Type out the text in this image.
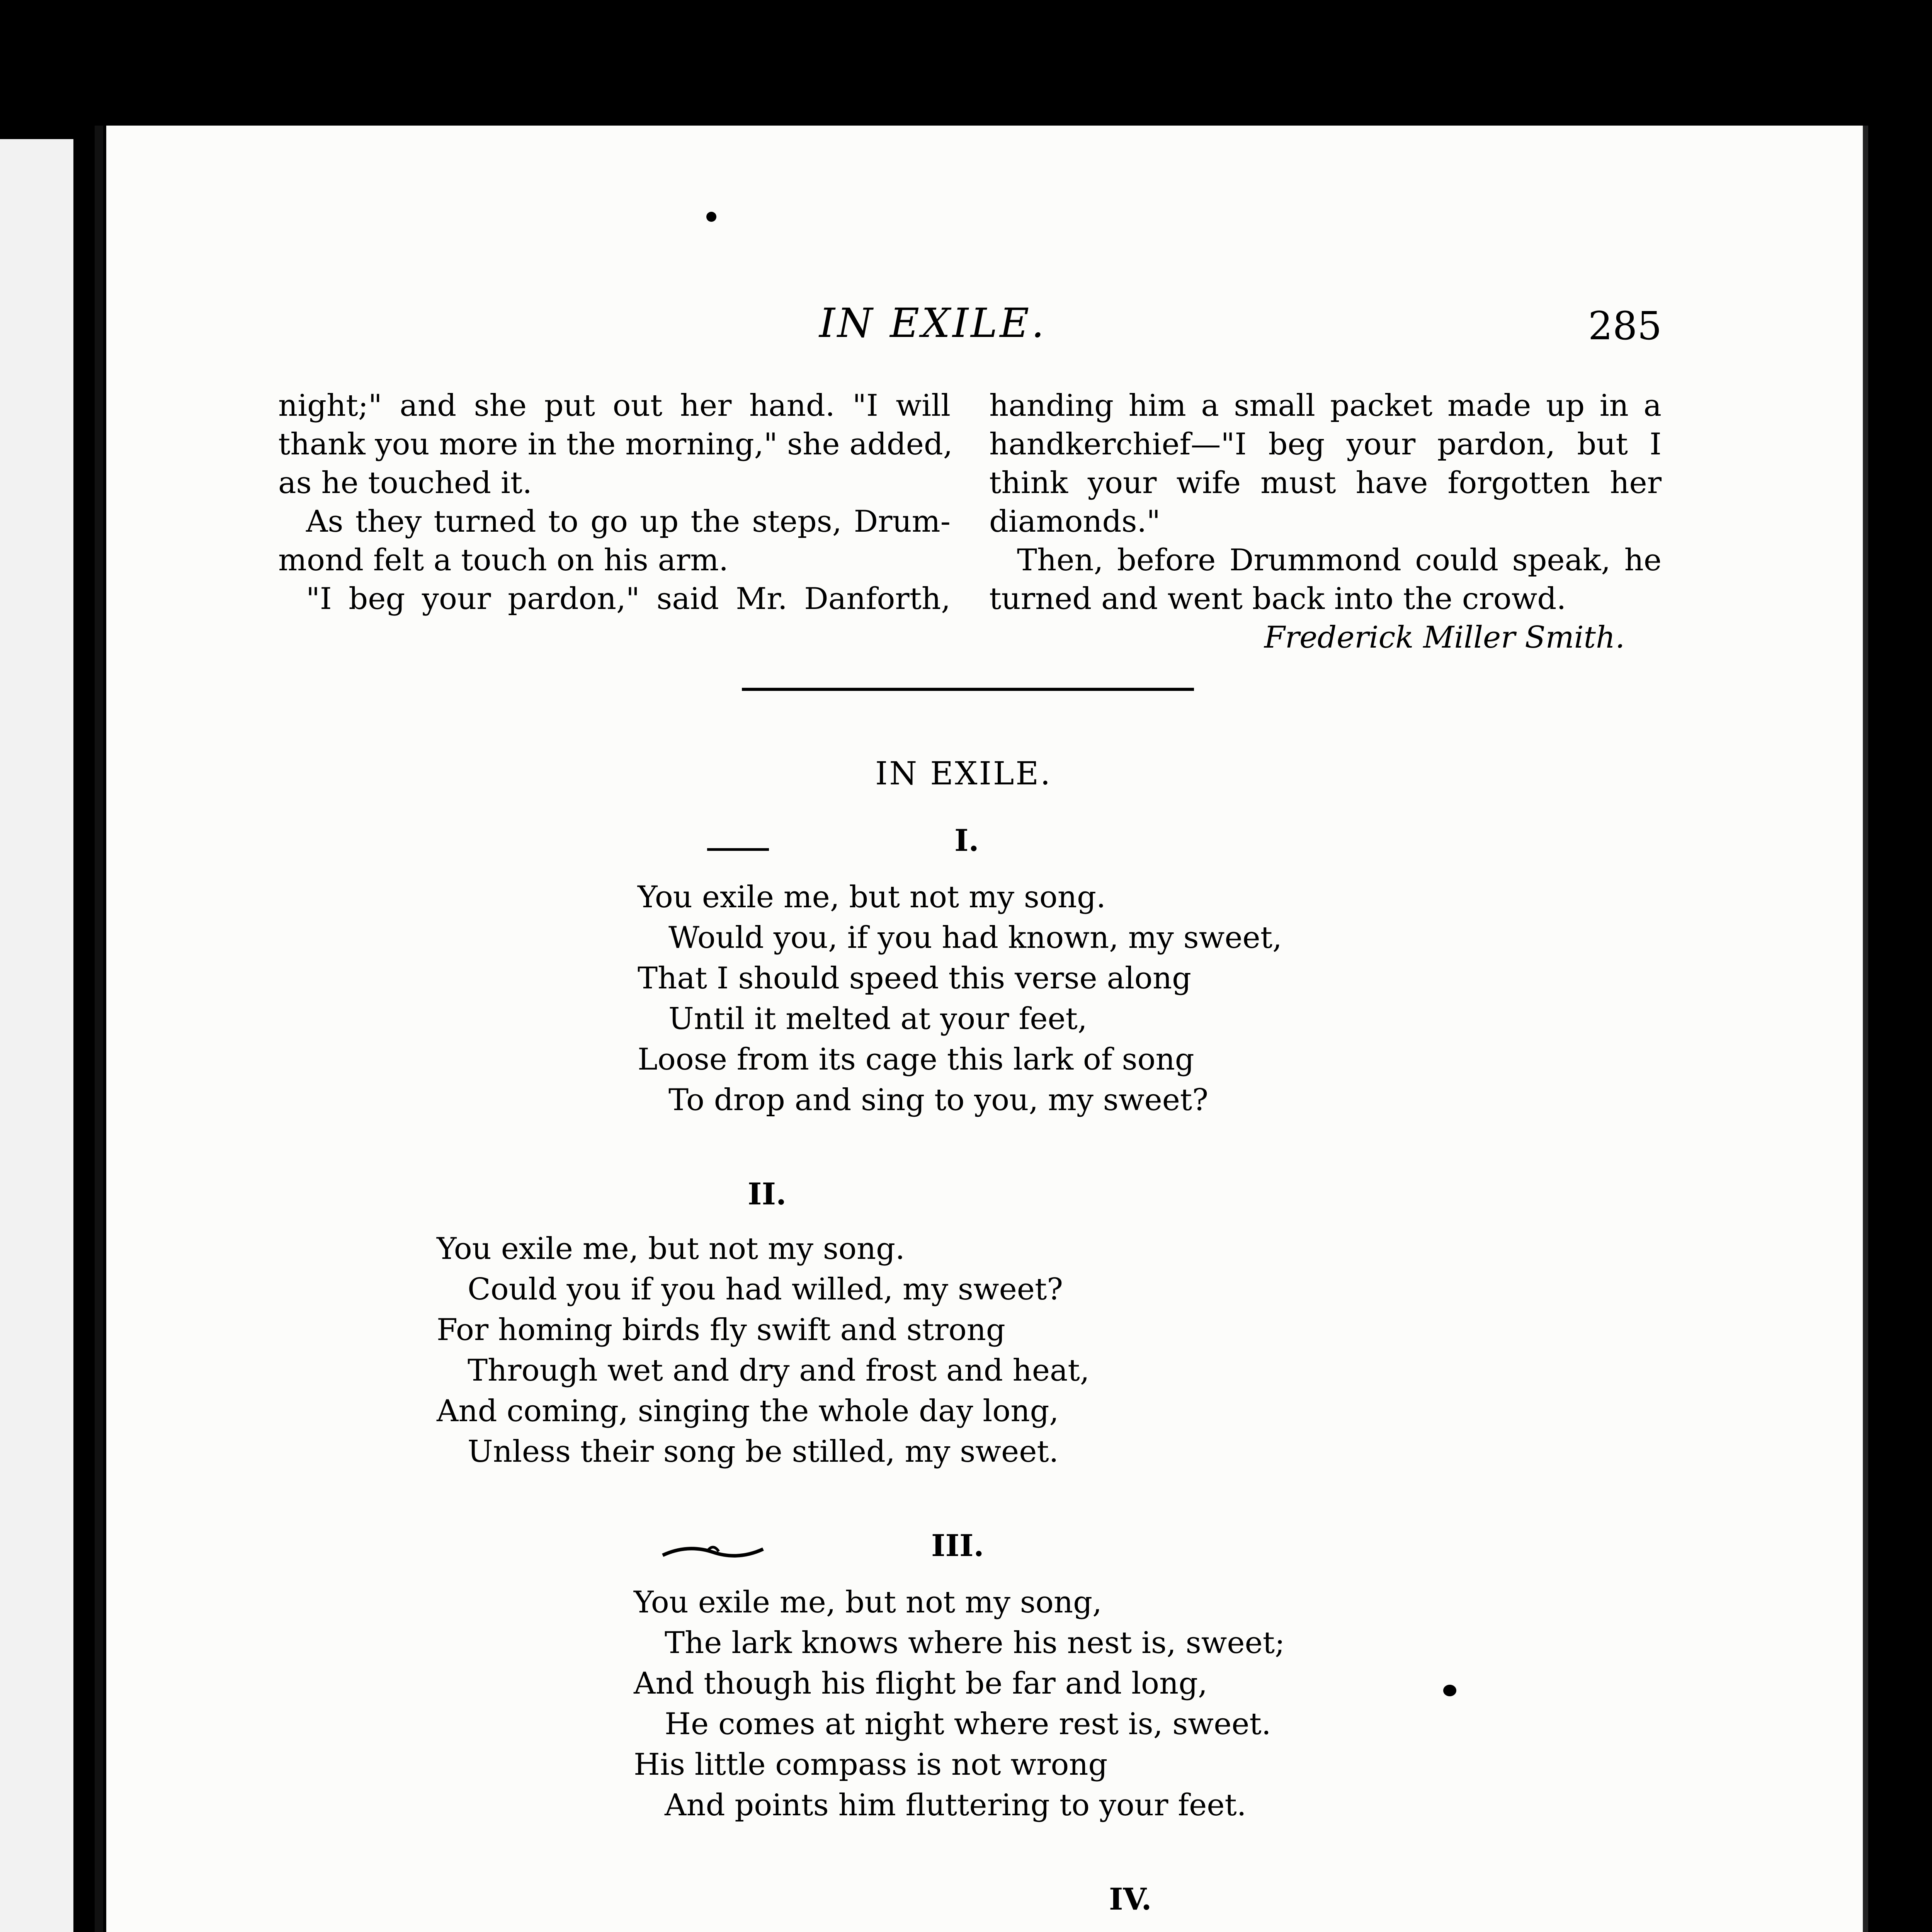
IN EXILE.	285
night;" and she put out her hand. "I will
thank you more in the morning," she added,
as he touched it.
As they turned to go up the steps, Drum-
mond felt a touch on his arm.
"I beg your pardon," said Mr. Danforth,
handing him a small packet made up in a
handkerchief—"I beg your pardon, but I
think your wife must have forgotten her
diamonds."
Then, before Drummond could speak, he
turned and went back into the crowd.
Frederick Miller Smith.
IN EXILE.
I.
You exile me, but not my song.
Would you, if you had known, my sweet,
That I should speed this verse along
Until it melted at your feet,
Loose from its cage this lark of song
To drop and sing to you, my sweet?
II.
You exile me, but not my song.
Could you if you had willed, my sweet?
For homing birds fly swift and strong
Through wet and dry and frost and heat,
And coming, singing the whole day long,
Unless their song be stilled, my sweet.
III.
You exile me, but not my song,
The lark knows where his nest is, sweet;
And though his flight be far and long,
He comes at night where rest is, sweet.
His little compass is not wrong
And points him fluttering to your feet.
IV.
